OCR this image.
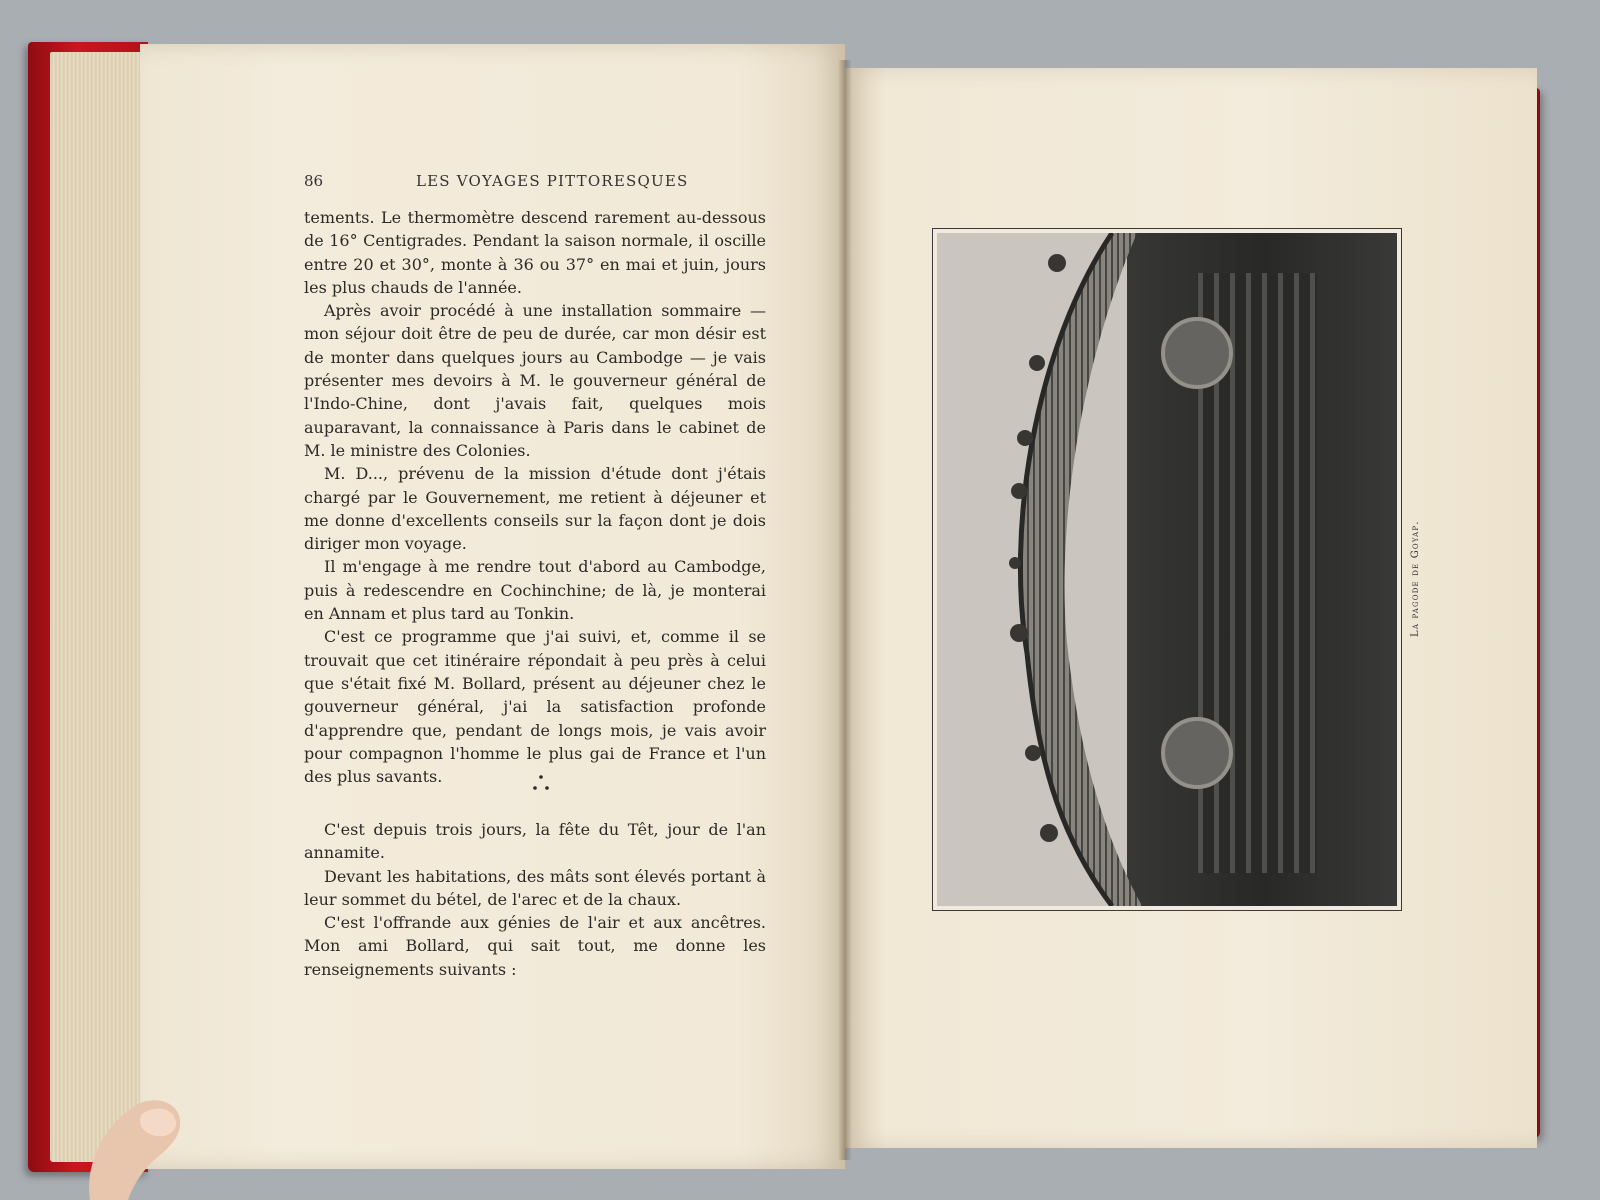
86	LES VOYAGES PITTORESQUES

tements. Le thermomètre descend rarement au-dessous de 16° Centigrades. Pendant la saison normale, il oscille entre 20 et 30°, monte à 36 ou 37° en mai et juin, jours les plus chauds de l'année.

Après avoir procédé à une installation sommaire — mon séjour doit être de peu de durée, car mon désir est de monter dans quelques jours au Cambodge — je vais présenter mes devoirs à M. le gouverneur général de l'Indo-Chine, dont j'avais fait, quelques mois auparavant, la connaissance à Paris dans le cabinet de M. le ministre des Colonies.

M. D..., prévenu de la mission d'étude dont j'étais chargé par le Gouvernement, me retient à déjeuner et me donne d'excellents conseils sur la façon dont je dois diriger mon voyage.

Il m'engage à me rendre tout d'abord au Cambodge, puis à redescendre en Cochinchine; de là, je monterai en Annam et plus tard au Tonkin.

C'est ce programme que j'ai suivi, et, comme il se trouvait que cet itinéraire répondait à peu près à celui que s'était fixé M. Bollard, présent au déjeuner chez le gouverneur général, j'ai la satisfaction profonde d'apprendre que, pendant de longs mois, je vais avoir pour compagnon l'homme le plus gai de France et l'un des plus savants.

C'est depuis trois jours, la fête du Têt, jour de l'an annamite.

Devant les habitations, des mâts sont élevés portant à leur sommet du bétel, de l'arec et de la chaux.

C'est l'offrande aux génies de l'air et aux ancêtres. Mon ami Bollard, qui sait tout, me donne les renseignements suivants :

La pagode de Goyap.
